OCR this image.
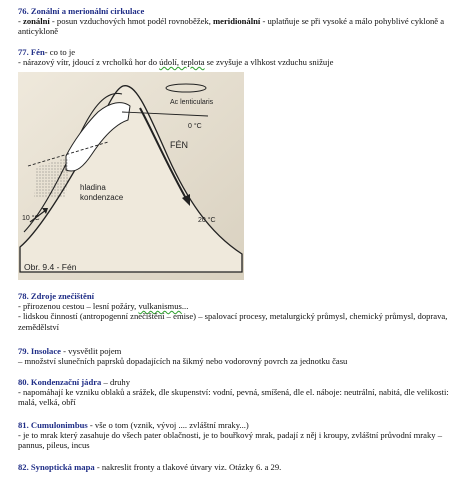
76. Zonální a merionální cirkulace
- zonální - posun vzduchových hmot podél rovnoběžek, meridionální - uplatňuje se při vysoké a málo pohyblivé cykloně a anticykloně
77. Fén- co to je
- nárazový vítr, jdoucí z vrcholků hor do údolí, teplota se zvyšuje a vlhkost vzduchu snižuje
Ac lenticularis
0 °C
FÉN
hladina
kondenzace
10 °C	20 °C
Obr. 9.4 - Fén
78. Zdroje znečištění
- přirozenou cestou – lesní požáry, vulkanismus...
- lidskou činností (antropogenní znečištění – emise) – spalovací procesy, metalurgický průmysl, chemický průmysl, doprava, zemědělství
79. Insolace - vysvětlit pojem
– množství slunečních paprsků dopadajících na šikmý nebo vodorovný povrch za jednotku času
80. Kondenzační jádra – druhy
- napomáhají ke vzniku oblaků a srážek, dle skupenství: vodní, pevná, smíšená, dle el. náboje: neutrální, nabitá, dle velikosti: malá, velká, obří
81. Cumulonimbus - vše o tom (vznik, vývoj .... zvláštní mraky...)
- je to mrak který zasahuje do všech pater oblačnosti, je to bouřkový mrak, padají z něj i kroupy, zvláštní průvodní mraky – pannus, pileus, incus
82. Synoptická mapa - nakreslit fronty a tlakové útvary viz. Otázky 6. a 29.
